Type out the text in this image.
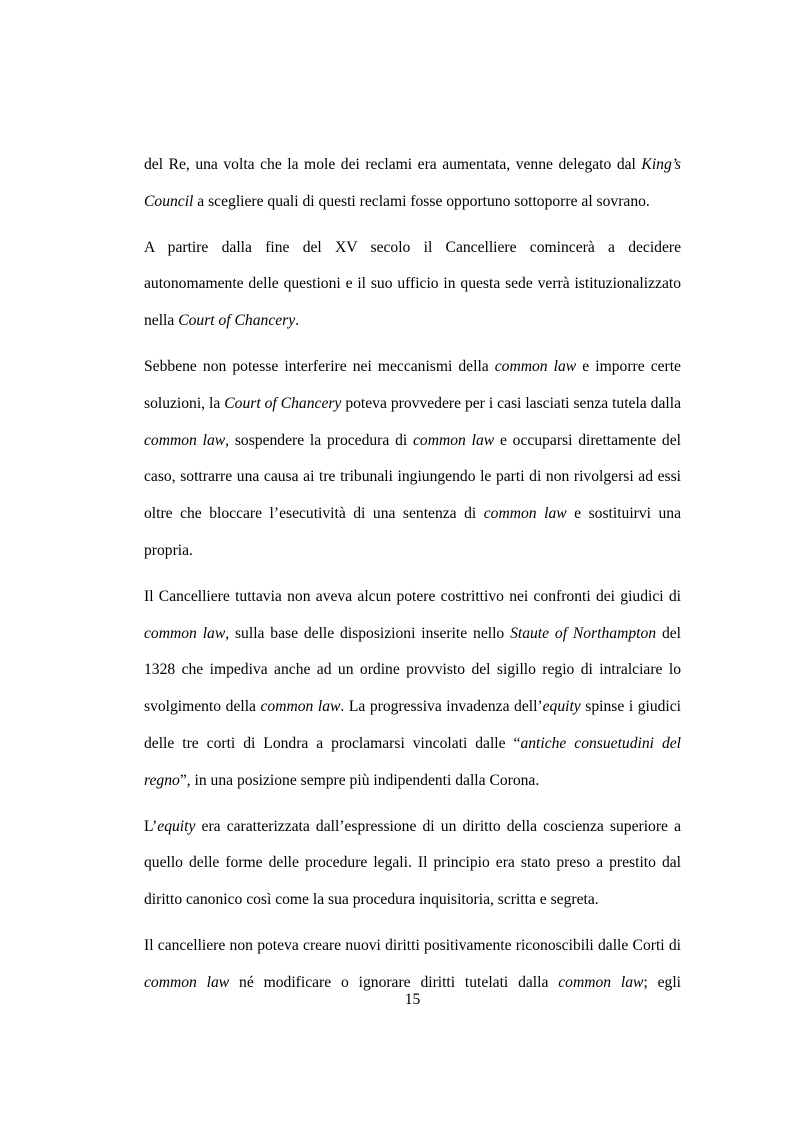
del Re, una volta che la mole dei reclami era aumentata, venne delegato dal King’s Council a scegliere quali di questi reclami fosse opportuno sottoporre al sovrano.

A partire dalla fine del XV secolo il Cancelliere comincerà a decidere autonomamente delle questioni e il suo ufficio in questa sede verrà istituzionalizzato nella Court of Chancery.

Sebbene non potesse interferire nei meccanismi della common law e imporre certe soluzioni, la Court of Chancery poteva provvedere per i casi lasciati senza tutela dalla common law, sospendere la procedura di common law e occuparsi direttamente del caso, sottrarre una causa ai tre tribunali ingiungendo le parti di non rivolgersi ad essi oltre che bloccare l’esecutività di una sentenza di common law e sostituirvi una propria.

Il Cancelliere tuttavia non aveva alcun potere costrittivo nei confronti dei giudici di common law, sulla base delle disposizioni inserite nello Staute of Northampton del 1328 che impediva anche ad un ordine provvisto del sigillo regio di intralciare lo svolgimento della common law. La progressiva invadenza dell’equity spinse i giudici delle tre corti di Londra a proclamarsi vincolati dalle “antiche consuetudini del regno”, in una posizione sempre più indipendenti dalla Corona.

L’equity era caratterizzata dall’espressione di un diritto della coscienza superiore a quello delle forme delle procedure legali. Il principio era stato preso a prestito dal diritto canonico così come la sua procedura inquisitoria, scritta e segreta.

Il cancelliere non poteva creare nuovi diritti positivamente riconoscibili dalle Corti di common law né modificare o ignorare diritti tutelati dalla common law; egli

15
